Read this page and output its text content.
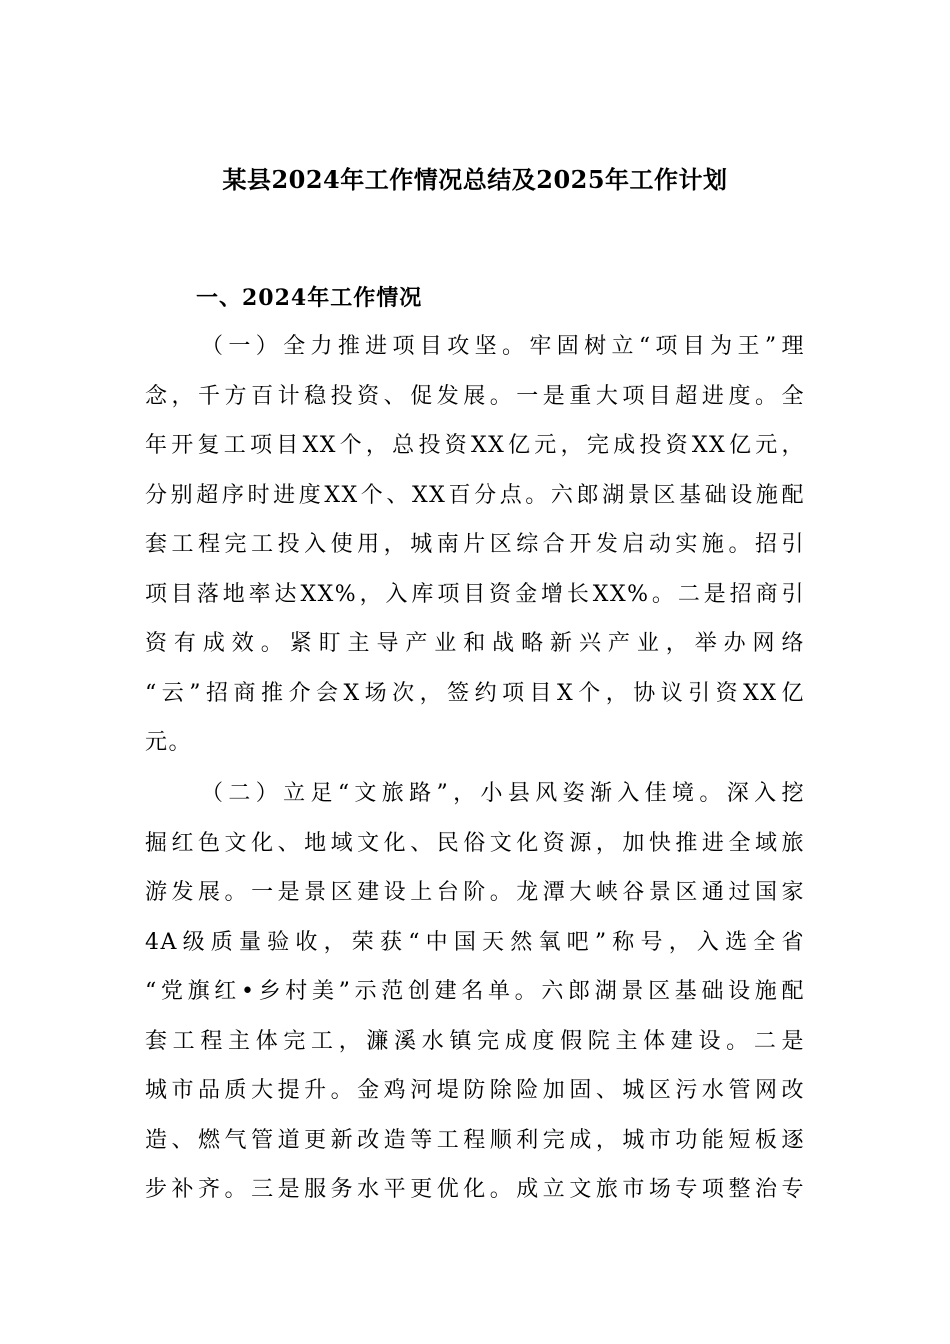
某县2024年工作情况总结及2025年工作计划
一、2024年工作情况
（一）全力推进项目攻坚。牢固树立“项目为王”理
念，千方百计稳投资、促发展。一是重大项目超进度。全
年开复工项目XX个，总投资XX亿元，完成投资XX亿元，
分别超序时进度XX个、XX百分点。六郎湖景区基础设施配
套工程完工投入使用，城南片区综合开发启动实施。招引
项目落地率达XX%，入库项目资金增长XX%。二是招商引
资有成效。紧盯主导产业和战略新兴产业，举办网络
“云”招商推介会X场次，签约项目X个，协议引资XX亿
元。
（二）立足“文旅路”，小县风姿渐入佳境。深入挖
掘红色文化、地域文化、民俗文化资源，加快推进全域旅
游发展。一是景区建设上台阶。龙潭大峡谷景区通过国家
4A级质量验收，荣获“中国天然氧吧”称号，入选全省
“党旗红•乡村美”示范创建名单。六郎湖景区基础设施配
套工程主体完工，濂溪水镇完成度假院主体建设。二是
城市品质大提升。金鸡河堤防除险加固、城区污水管网改
造、燃气管道更新改造等工程顺利完成，城市功能短板逐
步补齐。三是服务水平更优化。成立文旅市场专项整治专
